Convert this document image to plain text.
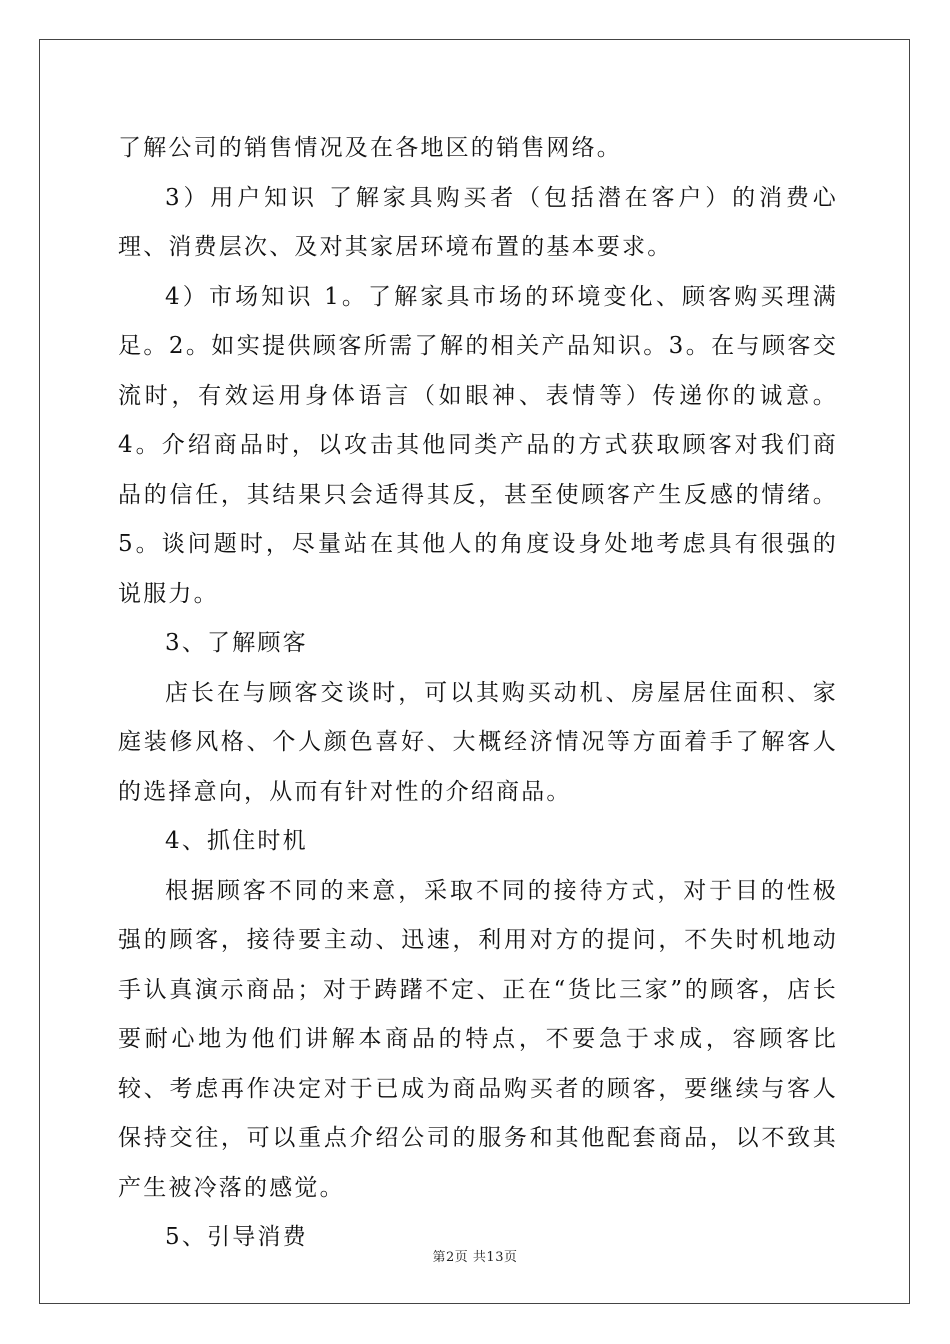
了解公司的销售情况及在各地区的销售网络。

3）用户知识 了解家具购买者（包括潜在客户）的消费心理、消费层次、及对其家居环境布置的基本要求。

4）市场知识 1。了解家具市场的环境变化、顾客购买理满足。2。如实提供顾客所需了解的相关产品知识。3。在与顾客交流时，有效运用身体语言（如眼神、表情等）传递你的诚意。4。介绍商品时，以攻击其他同类产品的方式获取顾客对我们商品的信任，其结果只会适得其反，甚至使顾客产生反感的情绪。5。谈问题时，尽量站在其他人的角度设身处地考虑具有很强的说服力。

3、了解顾客

店长在与顾客交谈时，可以其购买动机、房屋居住面积、家庭装修风格、个人颜色喜好、大概经济情况等方面着手了解客人的选择意向，从而有针对性的介绍商品。

4、抓住时机

根据顾客不同的来意，采取不同的接待方式，对于目的性极强的顾客，接待要主动、迅速，利用对方的提问，不失时机地动手认真演示商品；对于踌躇不定、正在“货比三家”的顾客，店长要耐心地为他们讲解本商品的特点，不要急于求成，容顾客比较、考虑再作决定对于已成为商品购买者的顾客，要继续与客人保持交往，可以重点介绍公司的服务和其他配套商品，以不致其产生被冷落的感觉。

5、引导消费

第2页 共13页
